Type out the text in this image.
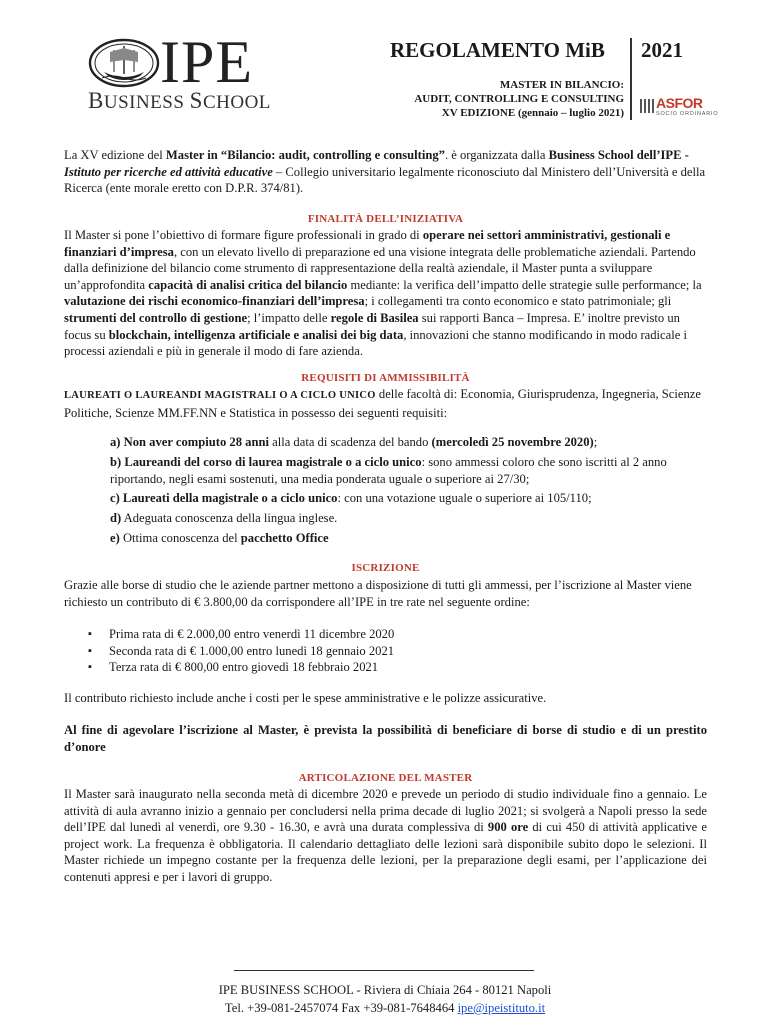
IPE
BUSINESS SCHOOL
REGOLAMENTO MiB 2021
MASTER IN BILANCIO:
AUDIT, CONTROLLING E CONSULTING
XV EDIZIONE (gennaio – luglio 2021)
ASFOR
SOCIO ORDINARIO
La XV edizione del Master in “Bilancio: audit, controlling e consulting”. è organizzata dalla Business School dell’IPE - Istituto per ricerche ed attività educative – Collegio universitario legalmente riconosciuto dal Ministero dell’Università e della Ricerca (ente morale eretto con D.P.R. 374/81).
FINALITÀ DELL’INIZIATIVA
Il Master si pone l’obiettivo di formare figure professionali in grado di operare nei settori amministrativi, gestionali e finanziari d’impresa, con un elevato livello di preparazione ed una visione integrata delle problematiche aziendali. Partendo dalla definizione del bilancio come strumento di rappresentazione della realtà aziendale, il Master punta a sviluppare un’approfondita capacità di analisi critica del bilancio mediante: la verifica dell’impatto delle strategie sulle performance; la valutazione dei rischi economico-finanziari dell’impresa; i collegamenti tra conto economico e stato patrimoniale; gli strumenti del controllo di gestione; l’impatto delle regole di Basilea sui rapporti Banca – Impresa. E’ inoltre previsto un focus su blockchain, intelligenza artificiale e analisi dei big data, innovazioni che stanno modificando in modo radicale i processi aziendali e più in generale il modo di fare azienda.
REQUISITI DI AMMISSIBILITÀ
LAUREATI O LAUREANDI MAGISTRALI O A CICLO UNICO delle facoltà di: Economia, Giurisprudenza, Ingegneria, Scienze Politiche, Scienze MM.FF.NN e Statistica in possesso dei seguenti requisiti:
a) Non aver compiuto 28 anni alla data di scadenza del bando (mercoledì 25 novembre 2020);
b) Laureandi del corso di laurea magistrale o a ciclo unico: sono ammessi coloro che sono iscritti al 2 anno riportando, negli esami sostenuti, una media ponderata uguale o superiore ai 27/30;
c) Laureati della magistrale o a ciclo unico: con una votazione uguale o superiore ai 105/110;
d) Adeguata conoscenza della lingua inglese.
e) Ottima conoscenza del pacchetto Office
ISCRIZIONE
Grazie alle borse di studio che le aziende partner mettono a disposizione di tutti gli ammessi, per l’iscrizione al Master viene richiesto un contributo di € 3.800,00 da corrispondere all’IPE in tre rate nel seguente ordine:
▪ Prima rata di € 2.000,00 entro venerdì 11 dicembre 2020
▪ Seconda rata di € 1.000,00 entro lunedì 18 gennaio 2021
▪ Terza rata di € 800,00 entro giovedì 18 febbraio 2021
Il contributo richiesto include anche i costi per le spese amministrative e le polizze assicurative.
Al fine di agevolare l’iscrizione al Master, è prevista la possibilità di beneficiare di borse di studio e di un prestito d’onore
ARTICOLAZIONE DEL MASTER
Il Master sarà inaugurato nella seconda metà di dicembre 2020 e prevede un periodo di studio individuale fino a gennaio. Le attività di aula avranno inizio a gennaio per concludersi nella prima decade di luglio 2021; si svolgerà a Napoli presso la sede dell’IPE dal lunedì al venerdì, ore 9.30 - 16.30, e avrà una durata complessiva di 900 ore di cui 450 di attività applicative e project work. La frequenza è obbligatoria. Il calendario dettagliato delle lezioni sarà disponibile subito dopo le selezioni. Il Master richiede un impegno costante per la frequenza delle lezioni, per la preparazione degli esami, per l’applicazione dei contenuti appresi e per i lavori di gruppo.
IPE BUSINESS SCHOOL - Riviera di Chiaia 264 - 80121 Napoli
Tel. +39-081-2457074 Fax +39-081-7648464 ipe@ipeistituto.it
